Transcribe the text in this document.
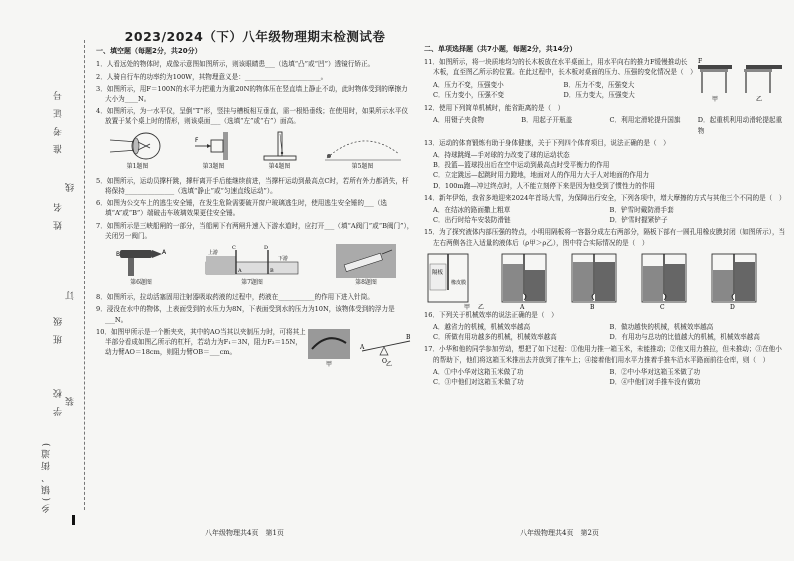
准 考 证 号
线
姓 名
订
班 级
学 校 装
乡(镇、街道)
2023/2024（下）八年级物理期末检测试卷
一、填空题（每题2分，共20分）
1．人看远处的物体时，成像示意图如图所示，则该眼睛患___（选填“凸”或“凹”）透镜行矫正。
2．人骑自行车的功率约为100W，其物理意义是：_______________________。
3．如图所示，用F＝100N的水平力把重力为重20N的物体压在竖直墙上静止不动，此时物体受到的摩擦力大小为____N。
4．如图所示，为一水平仪，呈倒“T”形，竖挂与槽板相互垂直，需一根铅垂线；在使用时，如果所示水平仪放置于某个桌上时的情形，则该桌面___（选填“左”或“右”）面高。
第1题图
F
第3题图	第4题图	第5题图
5．如图所示，运动员撑杆跳，撑杆离开手后能继续前进，当撑杆运动到最高点C时，若所有外力都消失，杆将保持_______________（选填“静止”或“匀速直线运动”）。
6．如图为公交车上的逃生安全锤，在发生危险需要破开窗户玻璃逃生时，使用逃生安全锤的___（选填“A”或“B”）端破击车玻璃效果更佳安全锤。
7．如图所示是三峡船闸的一部分，当船闸下有两闸升速入下游水道时，应打开___（填“A阀门”或“B阀门”），关闭另一阀门。
A
B
第6题图
上游
下游
C	D
A	B
第7题图	第8题图
8．如图所示，拉动活塞固用注射器吸取药液的过程中，药液在___________的作用下进入针筒。
9．浸没在水中的物体，上表面受到的水压力为8N，下表面受到水的压力为10N，该物体受到的浮力是___N。
10．如图甲所示是一个断夹夹，其中的AO当其以夹制压力时，可将其上半部分看成如图乙所示的杠杆，若动力为F₁＝3N，阻力F₂＝15N，动力臂AO＝18cm，则阻力臂OB＝___cm。
A
O
B
甲	乙
二、单项选择题（共7小题，每题2分，共14分）
11．如图所示，将一块质地均匀的长木板放在水平桌面上，用水平向右的推力F缓慢推动长木板，直至图乙所示的位置。在此过程中，长木板对桌面的压力、压强的变化情况是（　）
A．压力不变，压强变小	B．压力不变，压强变大
C．压力变小，压强不变	D．压力变大，压强变大
F
甲	乙
12．使用下列简单机械时，能省距离的是（　）
A．用镊子夹食物	B．用起子开瓶盖	C．利用定滑轮提升国旗	D．起重机利用动滑轮提起重物
13．运动的体育锻炼有助于身体健康，关于下列四个体育项目，说法正确的是（　）
A．持球跳绳—手对球的力改变了球的运动状态
B．投篮—篮球投出后在空中运动到最高点时受平衡力的作用
C．立定跳远—起跳时用力蹬地，地面对人的作用力大于人对地面的作用力
D．100m跑—冲过终点时，人不能立刻停下来是因为他受到了惯性力的作用
14．新年伊始，我省多地迎来2024年首场大雪，为保障出行安全，下列各项中，增大摩擦的方式与其他三个不同的是（　）
A．在结冰的路面撒上粗草	B．铲雪时戴防滑手套
C．出行时给车安装防滑链	D．铲雪时握紧铲子
15．为了探究液体内部压强的特点，小明用隔板将一容器分成左右两部分，隔板下部有一圆孔用橡皮膜封闭（如图所示），当左右两侧各注入适量的液体后（ρ甲＞ρ乙），图中符合实际情况的是（　）
隔板
橡皮膜
A	B	C	D
甲 乙
16．下列关于机械效率的说法正确的是（　）
A．越省力的机械，机械效率越高	B．做功越快的机械，机械效率越高
C．所做有用功越多的机械，机械效率越高	D．有用功与总功的比值越大的机械，机械效率越高
17．小华和他的同学参加劳动，想把了如下过程：①他用力推一箱玉米，未能推动；②他又用力推拉，但未推动；③在他小的帮助下，他们将这箱玉米推出去并放到了推车上；④接着他们用水平力推着手推车沿水平路面前往仓库，则（　）
A．①中小华对这箱玉米做了功	B．②中小华对这箱玉米做了功
C．③中他们对这箱玉米做了功	D．④中他们对手推车没有做功
八年级物理共4页　第1页	八年级物理共4页　第2页
